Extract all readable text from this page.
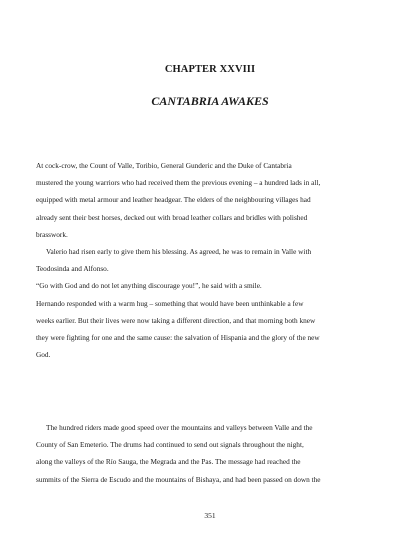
CHAPTER XXVIII
CANTABRIA AWAKES
At cock-crow, the Count of Valle, Toribio, General Gunderic and the Duke of Cantabria
mustered the young warriors who had received them the previous evening – a hundred lads in all,
equipped with metal armour and leather headgear. The elders of the neighbouring villages had
already sent their best horses, decked out with broad leather collars and bridles with polished
brasswork.
Valerio had risen early to give them his blessing. As agreed, he was to remain in Valle with
Teodosinda and Alfonso.
“Go with God and do not let anything discourage you!”, he said with a smile.
Hernando responded with a warm hug – something that would have been unthinkable a few
weeks earlier. But their lives were now taking a different direction, and that morning both knew
they were fighting for one and the same cause: the salvation of Hispania and the glory of the new
God.
The hundred riders made good speed over the mountains and valleys between Valle and the
County of San Emeterio. The drums had continued to send out signals throughout the night,
along the valleys of the Río Sauga, the Megrada and the Pas. The message had reached the
summits of the Sierra de Escudo and the mountains of Bishaya, and had been passed on down the
351
